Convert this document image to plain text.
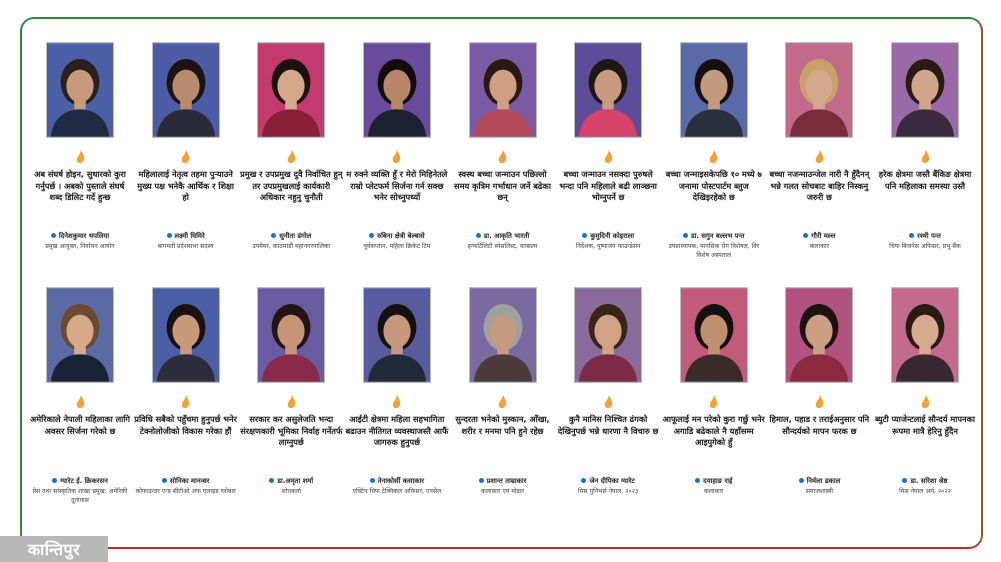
अब संघर्ष होइन, सुधारको कुरा गर्नुपर्छ । अबको पुस्ताले संघर्ष शब्द डिलिट गर्दे हुन्छ
दिनेशकुमार थपलिया
प्रमुख आयुक्त, निर्वाचन आयोग
महिलालाई नेतृत्व तहमा पुऱ्याउने मुख्य पक्ष भनेकै आर्थिक र शिक्षा हो
लक्ष्मी घिमिरे
बागमती प्रदेशसभा सदस्य
प्रमुख र उपप्रमुख दुवै निर्वाचित हुन् तर उपप्रमुखलाई कार्यकारी अधिकार नहुनु चुनौती
सुनीता डंगोल
उपमेयर, काठमाडौं महानगरपालिका
म रुक्ने व्यक्ति हुँ र मेरो मिहिनेतले राम्रो प्लेटफर्म सिर्जना गर्न सक्छ भनेर सोच्नुपर्थ्यो
रुबिना क्षेत्री बेल्बासे
पूर्वकप्तान, महिला क्रिकेट टिम
स्वस्थ बच्चा जन्माउन पछिल्लो समय कृत्रिम गर्भाधान जर्ने बढेका छन्
डा. आकृति भारती
इन्फर्टिलिटी स्पेसलिस्ट, वात्सल्य
बच्चा जन्माउन नसक्दा पुरुषले भन्दा पनि महिलाले बढी लाञ्छना भोग्नुपर्ने छ
कुमुदिनी कोइराला
निर्देशक, पुष्पाजन फाउन्डेसन
बच्चा जन्माइसकेपछि १० मध्ये ७ जनामा पोस्टपार्टम ब्लुज देखिइरहेको छ
डा. सगुन बल्लभ पन्त
उपप्राध्यापक, मानसिक रोग विशेषज्ञ, विर विशेष अस्पताल
बच्चा नजन्माउन्जेल नारी नै हुँदैनन् भन्ने गलत सोचबाट बाहिर निस्कनु जरुरी छ
गौरी मल्ल
कलाकार
हरेक क्षेत्रमा जस्तै बैंकिङ क्षेत्रमा पनि महिलाका समस्या उस्तै
रश्मी पन्त
चिफ बिजनेस अफिसर, प्रभु बैंक
अमेरिकाले नेपाली महिलाका लागि अवसर सिर्जना गरेको छ
ग्यारेट ई. क्रिकरसन
प्रेस तथा सांस्कृतिक शाखा प्रमुख, अमेरिकी दूतावास
प्रविधि सबैको पहुँचमा हुनुपर्छ भनेर टेक्नोलोजीको विकास गरेका हौं
सोनिका मानन्धर
कोफाउन्डर एन्ड सीटीओ अफ एलाइड ग्लोबल
सरकार कर असुलेजति भन्दा संरक्षणकारी भूमिका निर्वाह गर्नेतर्फ लाग्नुपर्छ
डा.अमृता शर्मा
शोधकर्ता
आईटी क्षेत्रमा महिला सहभागिता बढाउन नीतिगत व्यवस्थाजस्तै आफैं जागरुक हुनुपर्छ
तेनाकोर्सी कसाकार
एक्टिंग चिफ टेक्निकल अफिसर, एनसेल
सुन्दरता भनेको मुस्कान, आँखा, शरीर र मनमा पनि हुने रहेछ
प्रशान्त ताम्राकार
कलाकार एवं मोडल
कुनै मानिस निश्चित ढंगको देखिनुपर्छ भन्ने धारणा नै विचारु छ
जेन दीपिका ग्यारेट
मिस युनिभर्स नेपाल, २०२३
आफूलाई मन परेको कुरा गर्छु भनेर अगाडि बढेकाले नै यहाँसम्म आइपुगेको हुँ
दयाहाङ राई
कलाकार
हिमाल, पहाड र तराईअनुसार पनि सौन्दर्यको मापन फरक छ
निर्मला ढकाल
समाजशास्त्री
ब्युटी प्याजेन्टलाई सौन्दर्य मापनका रूपमा मात्रै हेरिनु हुँदैन
डा. सरिशा श्रेष्ठ
मिस नेपाल अर्थ, २०२२
कान्तिपुर
